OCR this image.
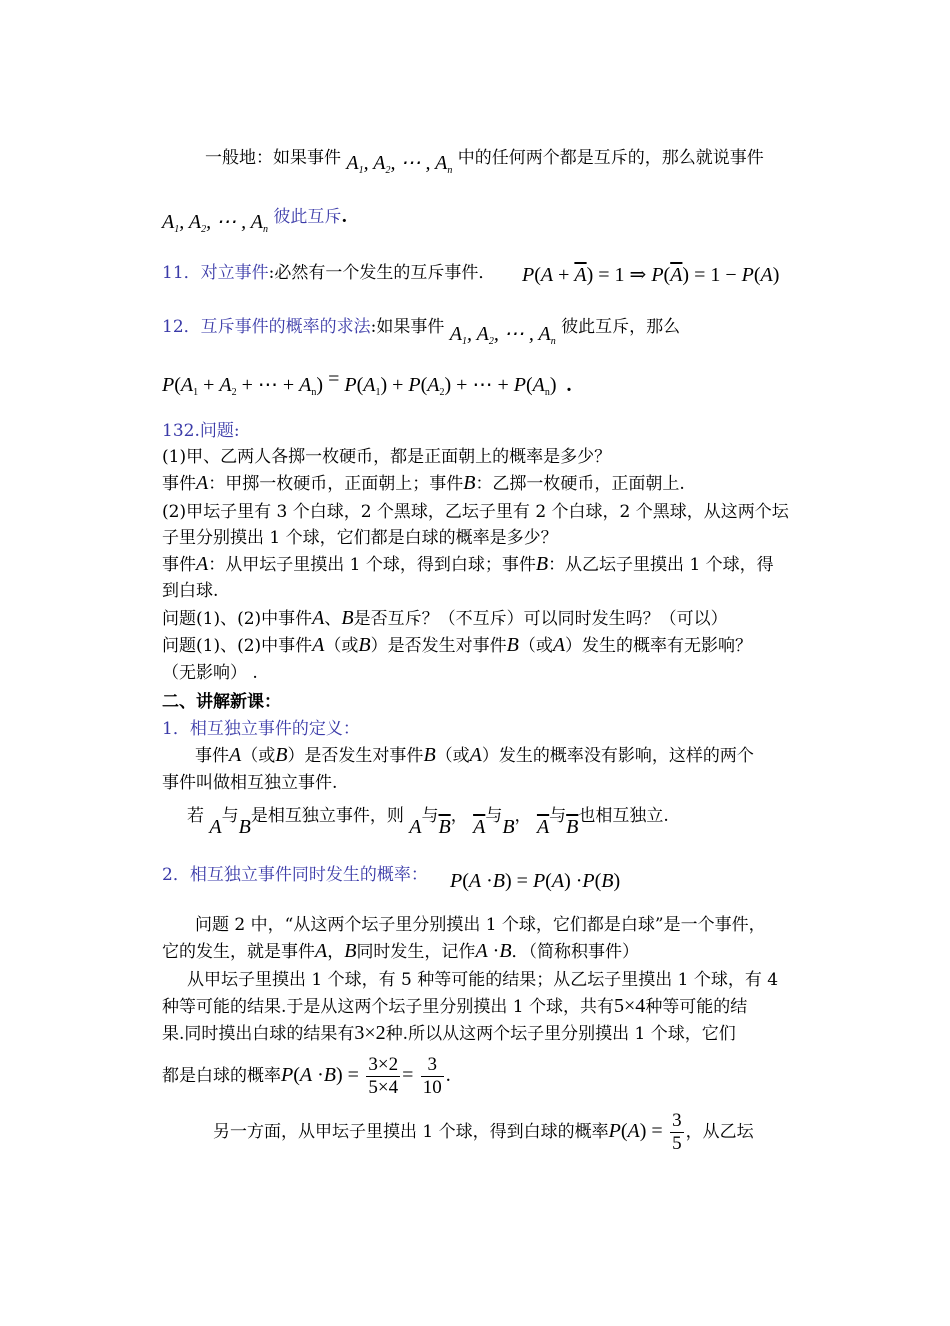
一般地：如果事件 $A_1$, $A_2$, ⋯ , $A_n$ 中的任何两个都是互斥的，那么就说事件
$A_1$, $A_2$, ⋯ , $A_n$ 彼此互斥.
11．对立事件:必然有一个发生的互斥事件． $P(A + \overline{A}) = 1$ ⇒ $P(\overline{A}) = 1 - P(A)$
12．互斥事件的概率的求法:如果事件 $A_1$, $A_2$, ⋯ , $A_n$ 彼此互斥，那么
$P(A_1 + A_2$ + ⋯ + $A_n) = P(A_1) + P(A_2)$ + ⋯ + $P(A_n)$  .
132.问题:
(1)甲、乙两人各掷一枚硬币，都是正面朝上的概率是多少？
事件A：甲掷一枚硬币，正面朝上；事件B：乙掷一枚硬币，正面朝上.
(2)甲坛子里有 3 个白球，2 个黑球，乙坛子里有 2 个白球，2 个黑球，从这两个坛
子里分别摸出 1 个球，它们都是白球的概率是多少？
事件A：从甲坛子里摸出 1 个球，得到白球；事件B：从乙坛子里摸出 1 个球，得
到白球.
问题(1)、(2)中事件A、B是否互斥？（不互斥）可以同时发生吗？（可以）
问题(1)、(2)中事件A（或B）是否发生对事件B（或A）发生的概率有无影响？
（无影响） .
二、讲解新课：
1．相互独立事件的定义：
事件A（或B）是否发生对事件B（或A）发生的概率没有影响，这样的两个
事件叫做相互独立事件.
若 A与B是相互独立事件，则 A与$\overline{B}$， $\overline{A}$与B， $\overline{A}$与$\overline{B}$也相互独立.
2．相互独立事件同时发生的概率： P(A ·B) = P(A) ·P(B)
问题 2 中，“从这两个坛子里分别摸出 1 个球，它们都是白球”是一个事件，
它的发生，就是事件A，B同时发生，记作A ·B．（简称积事件）
从甲坛子里摸出 1 个球，有 5 种等可能的结果；从乙坛子里摸出 1 个球，有 4
种等可能的结果.于是从这两个坛子里分别摸出 1 个球，共有5×4种等可能的结
果.同时摸出白球的结果有3×2种.所以从这两个坛子里分别摸出 1 个球，它们
都是白球的概率$P(A \cdot B) = \frac{3\times 2}{5\times 4} = \frac{3}{10}$ .
另一方面，从甲坛子里摸出 1 个球，得到白球的概率$P(A) = \frac{3}{5}$ ，从乙坛
